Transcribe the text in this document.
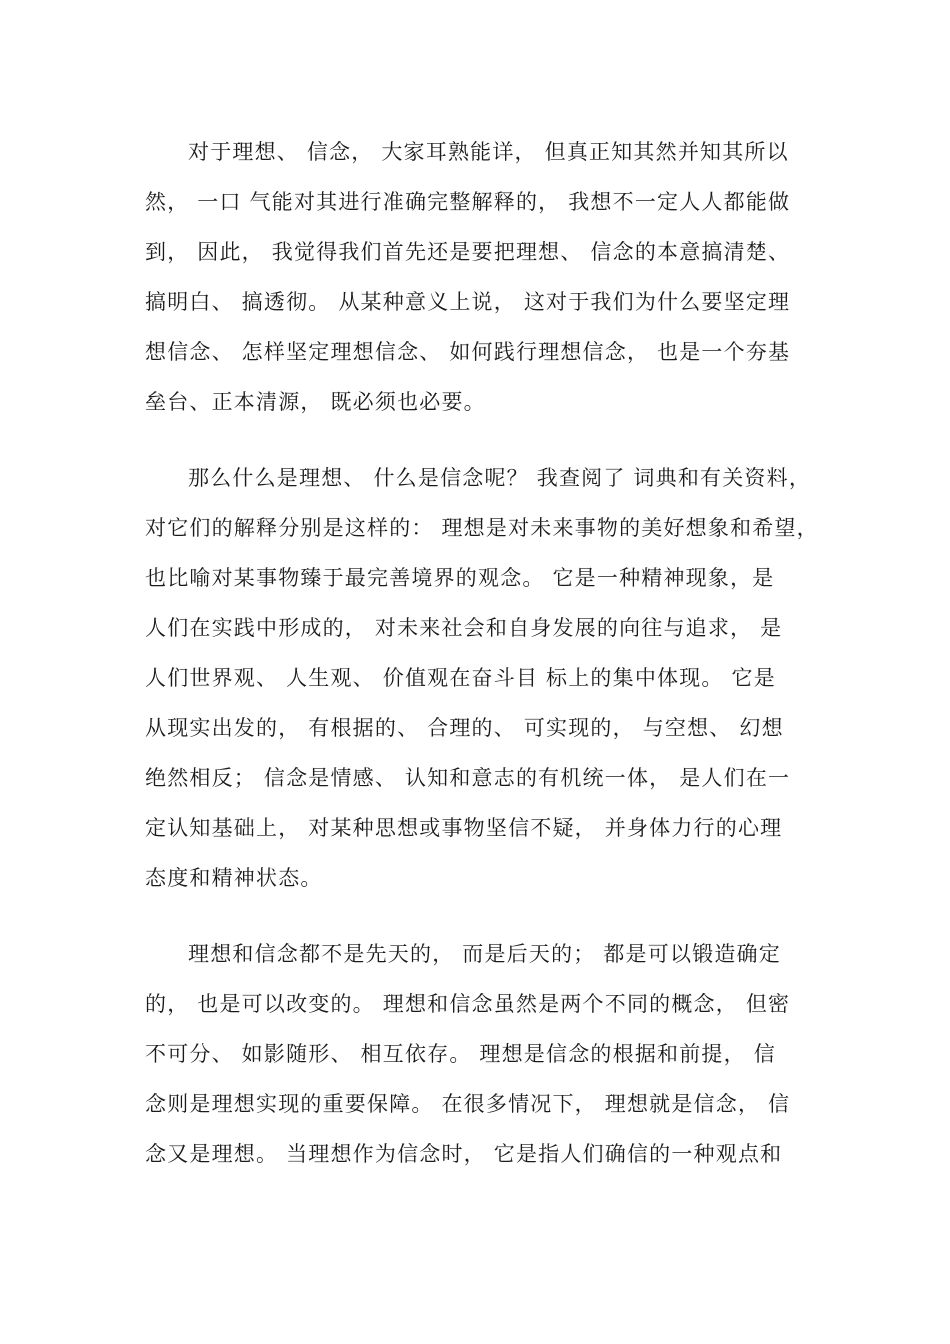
对于理想、 信念， 大家耳熟能详， 但真正知其然并知其所以
然， 一口 气能对其进行准确完整解释的， 我想不一定人人都能做
到， 因此， 我觉得我们首先还是要把理想、 信念的本意搞清楚、
搞明白、 搞透彻。 从某种意义上说， 这对于我们为什么要坚定理
想信念、 怎样坚定理想信念、 如何践行理想信念， 也是一个夯基
垒台、正本清源， 既必须也必要。
那么什么是理想、 什么是信念呢？ 我查阅了 词典和有关资料，
对它们的解释分别是这样的： 理想是对未来事物的美好想象和希望，
也比喻对某事物臻于最完善境界的观念。 它是一种精神现象，是
人们在实践中形成的， 对未来社会和自身发展的向往与追求， 是
人们世界观、 人生观、 价值观在奋斗目 标上的集中体现。 它是
从现实出发的， 有根据的、 合理的、 可实现的， 与空想、 幻想
绝然相反； 信念是情感、 认知和意志的有机统一体， 是人们在一
定认知基础上， 对某种思想或事物坚信不疑， 并身体力行的心理
态度和精神状态。
理想和信念都不是先天的， 而是后天的； 都是可以锻造确定
的， 也是可以改变的。 理想和信念虽然是两个不同的概念， 但密
不可分、 如影随形、 相互依存。 理想是信念的根据和前提， 信
念则是理想实现的重要保障。 在很多情况下， 理想就是信念， 信
念又是理想。 当理想作为信念时， 它是指人们确信的一种观点和
